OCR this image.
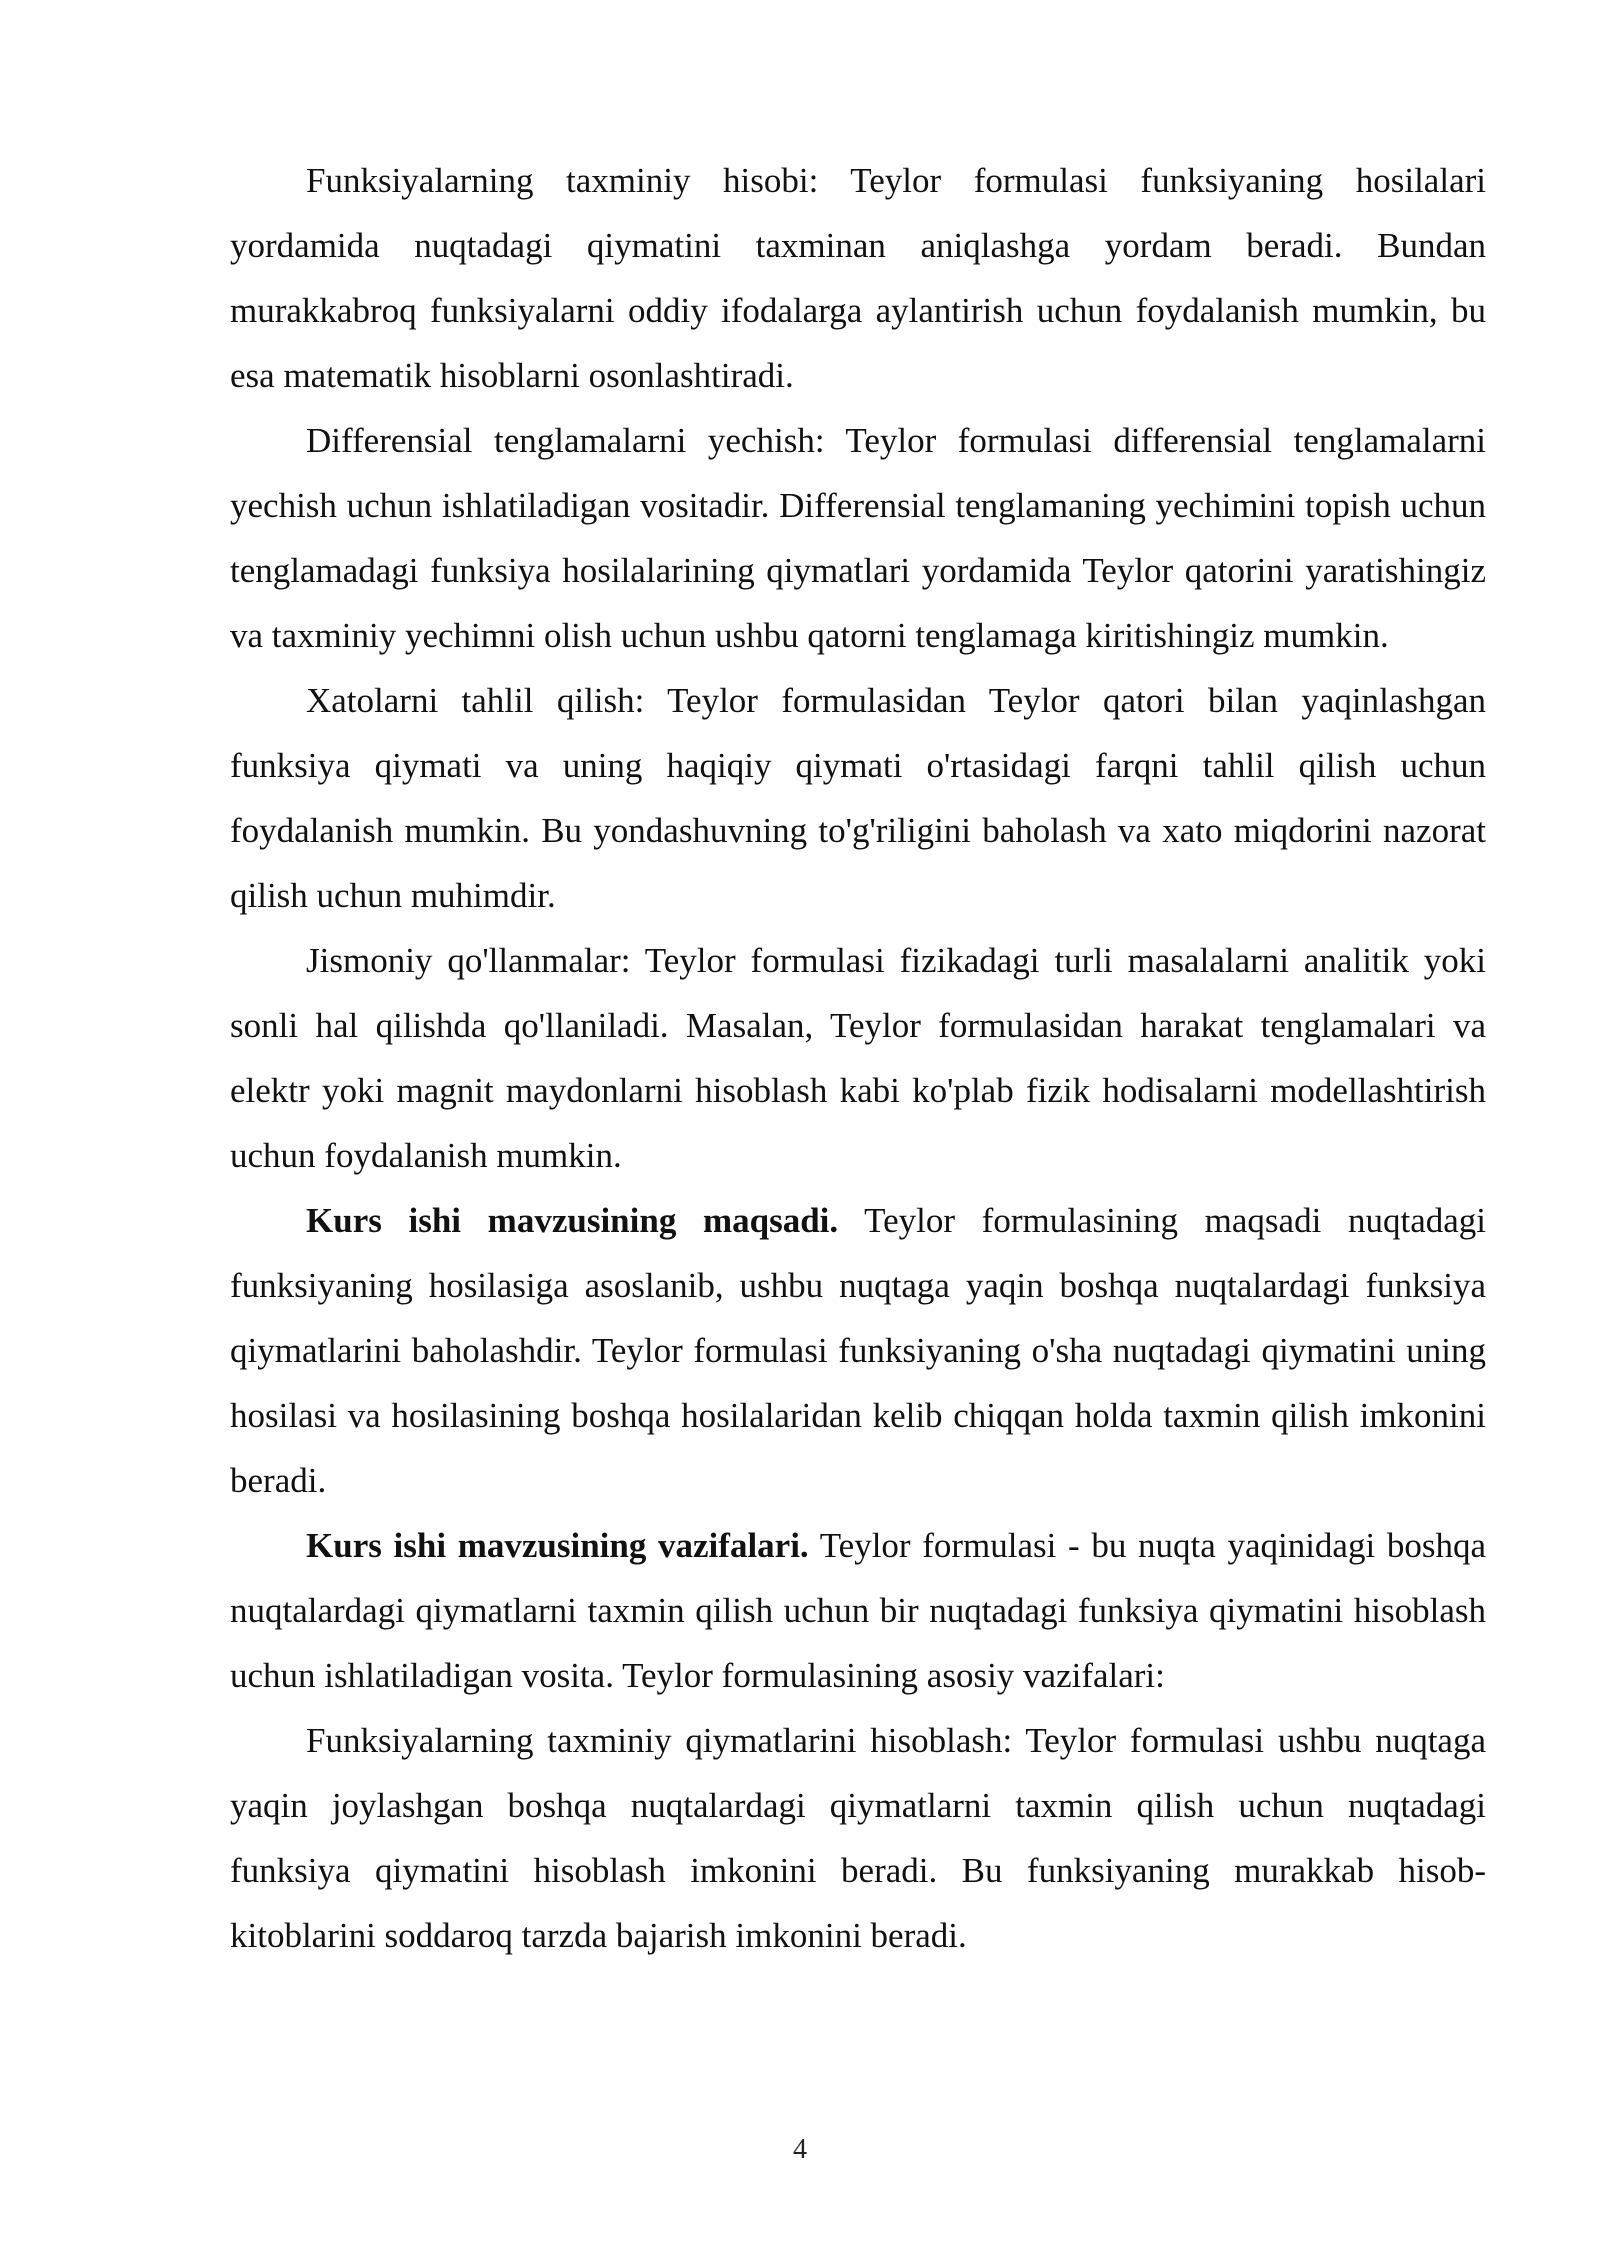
Funksiyalarning taxminiy hisobi: Teylor formulasi funksiyaning hosilalari yordamida nuqtadagi qiymatini taxminan aniqlashga yordam beradi. Bundan murakkabroq funksiyalarni oddiy ifodalarga aylantirish uchun foydalanish mumkin, bu esa matematik hisoblarni osonlashtiradi.

Differensial tenglamalarni yechish: Teylor formulasi differensial tenglamalarni yechish uchun ishlatiladigan vositadir. Differensial tenglamaning yechimini topish uchun tenglamadagi funksiya hosilalarining qiymatlari yordamida Teylor qatorini yaratishingiz va taxminiy yechimni olish uchun ushbu qatorni tenglamaga kiritishingiz mumkin.

Xatolarni tahlil qilish: Teylor formulasidan Teylor qatori bilan yaqinlashgan funksiya qiymati va uning haqiqiy qiymati o'rtasidagi farqni tahlil qilish uchun foydalanish mumkin. Bu yondashuvning to'g'riligini baholash va xato miqdorini nazorat qilish uchun muhimdir.

Jismoniy qo'llanmalar: Teylor formulasi fizikadagi turli masalalarni analitik yoki sonli hal qilishda qo'llaniladi. Masalan, Teylor formulasidan harakat tenglamalari va elektr yoki magnit maydonlarni hisoblash kabi ko'plab fizik hodisalarni modellashtirish uchun foydalanish mumkin.

Kurs ishi mavzusining maqsadi. Teylor formulasining maqsadi nuqtadagi funksiyaning hosilasiga asoslanib, ushbu nuqtaga yaqin boshqa nuqtalardagi funksiya qiymatlarini baholashdir. Teylor formulasi funksiyaning o'sha nuqtadagi qiymatini uning hosilasi va hosilasining boshqa hosilalaridan kelib chiqqan holda taxmin qilish imkonini beradi.

Kurs ishi mavzusining vazifalari. Teylor formulasi - bu nuqta yaqinidagi boshqa nuqtalardagi qiymatlarni taxmin qilish uchun bir nuqtadagi funksiya qiymatini hisoblash uchun ishlatiladigan vosita. Teylor formulasining asosiy vazifalari:

Funksiyalarning taxminiy qiymatlarini hisoblash: Teylor formulasi ushbu nuqtaga yaqin joylashgan boshqa nuqtalardagi qiymatlarni taxmin qilish uchun nuqtadagi funksiya qiymatini hisoblash imkonini beradi. Bu funksiyaning murakkab hisob-kitoblarini soddaroq tarzda bajarish imkonini beradi.

4
